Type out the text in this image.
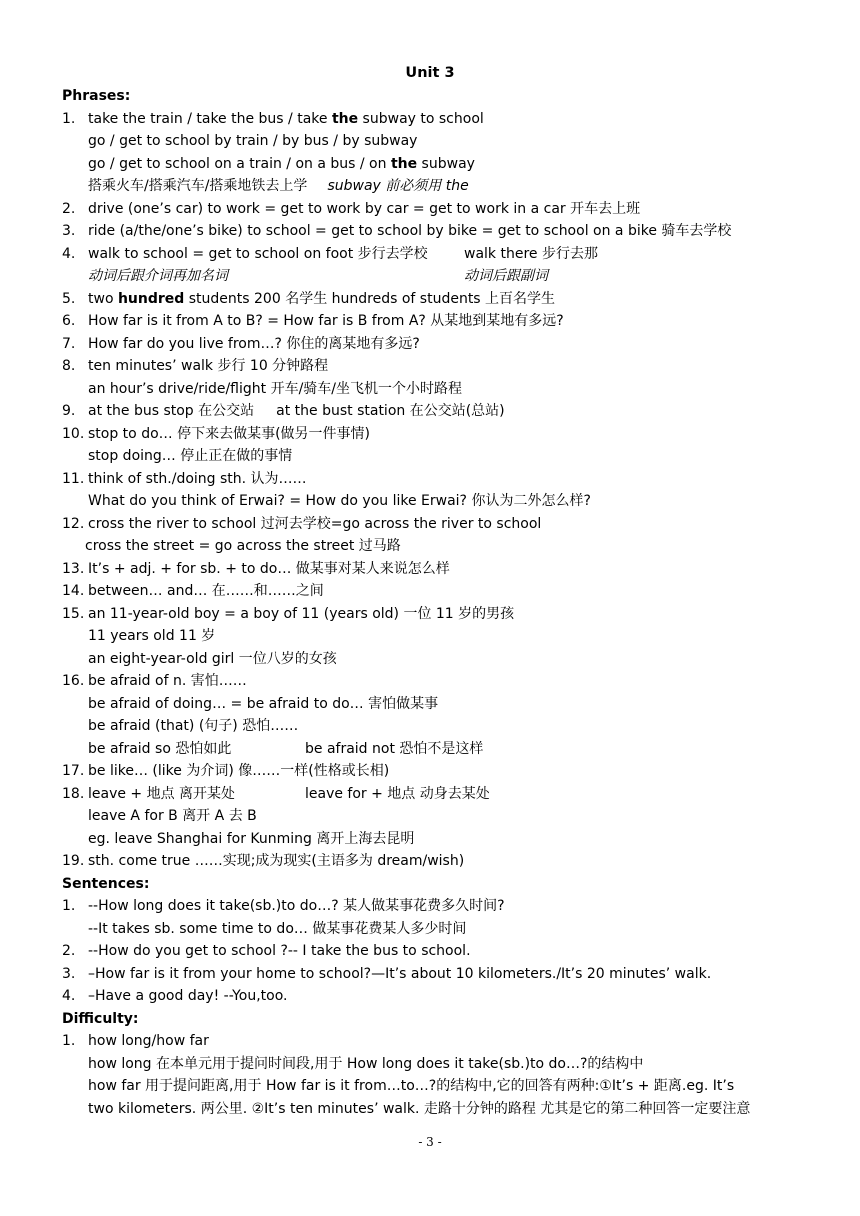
Unit 3
Phrases:
1. take the train / take the bus / take the subway to school
go / get to school by train / by bus / by subway
go / get to school on a train / on a bus / on the subway
搭乘火车/搭乘汽车/搭乘地铁去上学 subway 前必须用 the
2. drive (one’s car) to work = get to work by car = get to work in a car 开车去上班
3. ride (a/the/one’s bike) to school = get to school by bike = get to school on a bike 骑车去学校
4. walk to school = get to school on foot 步行去学校	walk there 步行去那
动词后跟介词再加名词	动词后跟副词
5. two hundred students 200 名学生 hundreds of students 上百名学生
6. How far is it from A to B? = How far is B from A? 从某地到某地有多远?
7. How far do you live from…? 你住的离某地有多远?
8. ten minutes’ walk 步行 10 分钟路程
an hour’s drive/ride/flight 开车/骑车/坐飞机一个小时路程
9. at the bus stop 在公交站 at the bust station 在公交站(总站)
10. stop to do… 停下来去做某事(做另一件事情)
stop doing… 停止正在做的事情
11. think of sth./doing sth. 认为……
What do you think of Erwai? = How do you like Erwai? 你认为二外怎么样?
12. cross the river to school 过河去学校=go across the river to school
cross the street = go across the street 过马路
13. It’s + adj. + for sb. + to do… 做某事对某人来说怎么样
14. between… and… 在……和……之间
15. an 11-year-old boy = a boy of 11 (years old) 一位 11 岁的男孩
11 years old 11 岁
an eight-year-old girl 一位八岁的女孩
16. be afraid of n. 害怕……
be afraid of doing… = be afraid to do… 害怕做某事
be afraid (that) (句子) 恐怕……
be afraid so 恐怕如此	be afraid not 恐怕不是这样
17. be like… (like 为介词) 像……一样(性格或长相)
18. leave + 地点 离开某处	leave for + 地点 动身去某处
leave A for B 离开 A 去 B
eg. leave Shanghai for Kunming 离开上海去昆明
19. sth. come true ……实现;成为现实(主语多为 dream/wish)
Sentences:
1. --How long does it take(sb.)to do…? 某人做某事花费多久时间?
--It takes sb. some time to do… 做某事花费某人多少时间
2. --How do you get to school ?-- I take the bus to school.
3. –How far is it from your home to school?—It’s about 10 kilometers./It’s 20 minutes’ walk.
4. –Have a good day! --You,too.
Difficulty:
1. how long/how far
how long 在本单元用于提问时间段,用于 How long does it take(sb.)to do…?的结构中
how far 用于提问距离,用于 How far is it from…to…?的结构中,它的回答有两种:①It’s + 距离.eg. It’s
two kilometers. 两公里. ②It’s ten minutes’ walk. 走路十分钟的路程 尤其是它的第二种回答一定要注意
- 3 -
